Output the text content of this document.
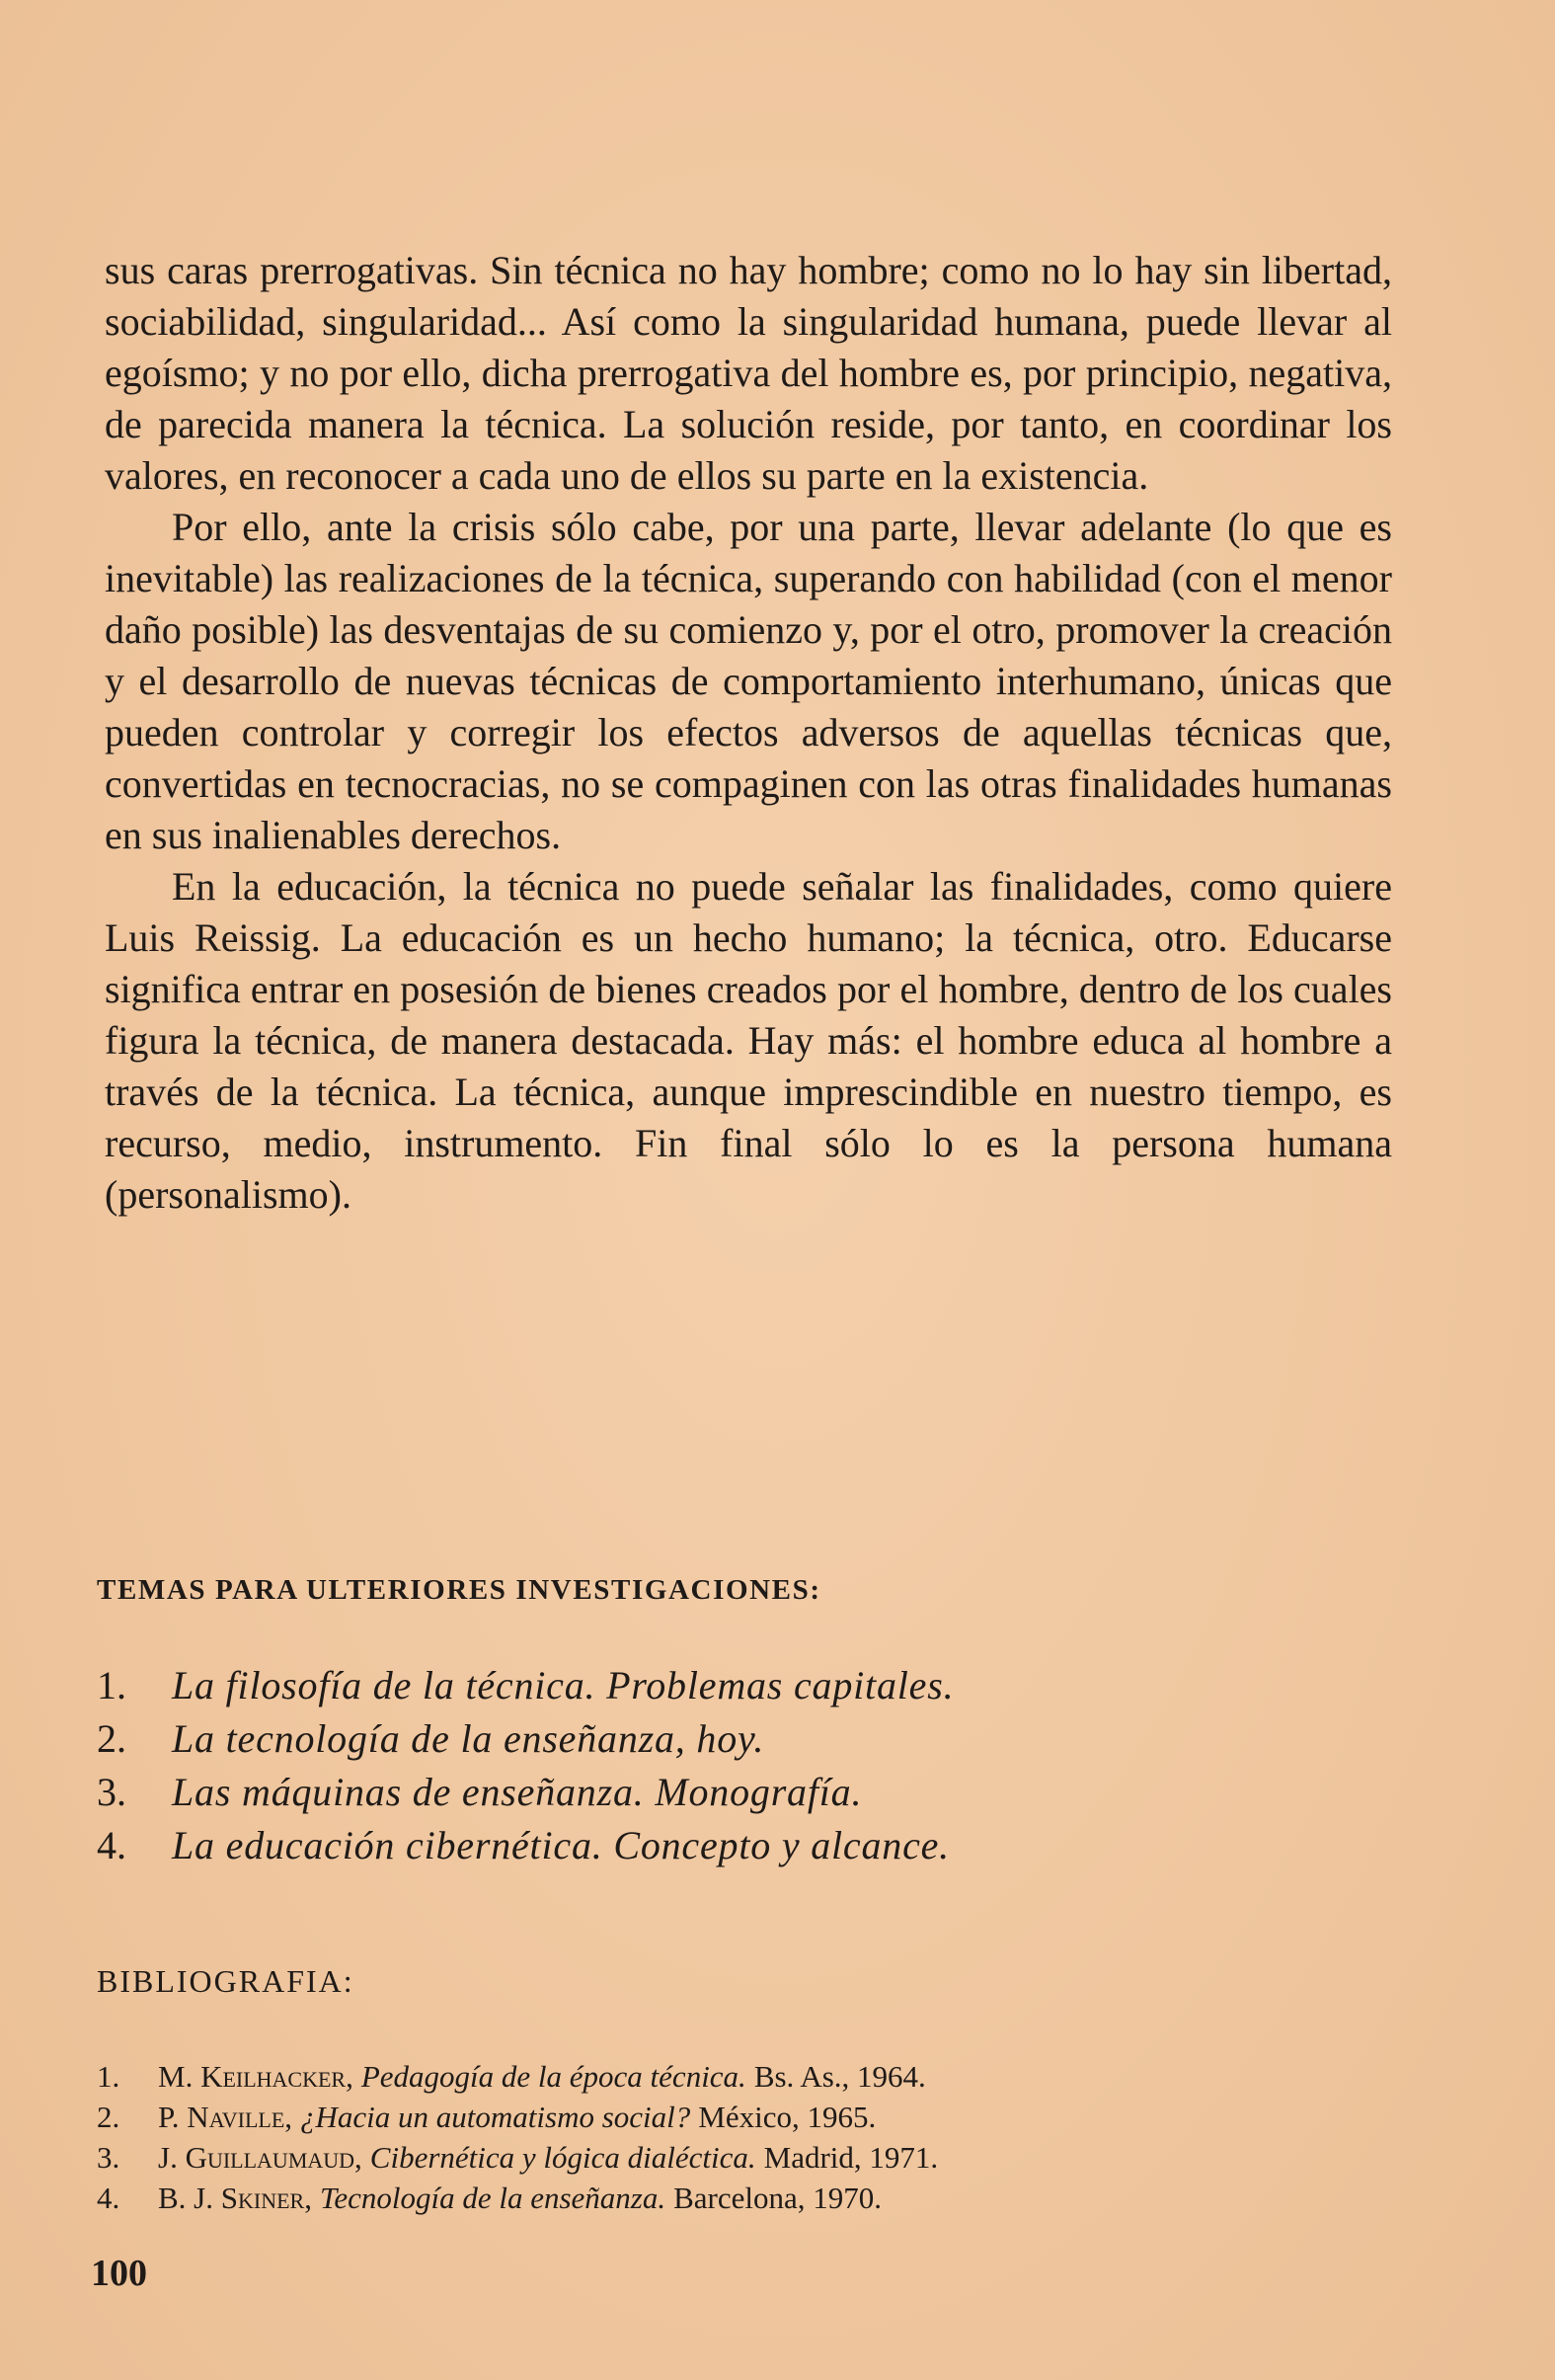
sus caras prerrogativas. Sin técnica no hay hombre; como no lo hay sin libertad, sociabilidad, singularidad... Así como la singularidad humana, puede llevar al egoísmo; y no por ello, dicha prerrogativa del hombre es, por principio, negativa, de parecida manera la técnica. La solución reside, por tanto, en coordinar los valores, en reconocer a cada uno de ellos su parte en la existencia.

Por ello, ante la crisis sólo cabe, por una parte, llevar adelante (lo que es inevitable) las realizaciones de la técnica, superando con habilidad (con el menor daño posible) las desventajas de su comienzo y, por el otro, promover la creación y el desarrollo de nuevas técnicas de comportamiento interhumano, únicas que pueden controlar y corregir los efectos adversos de aquellas técnicas que, convertidas en tecnocracias, no se compaginen con las otras finalidades humanas en sus inalienables derechos.

En la educación, la técnica no puede señalar las finalidades, como quiere Luis Reissig. La educación es un hecho humano; la técnica, otro. Educarse significa entrar en posesión de bienes creados por el hombre, dentro de los cuales figura la técnica, de manera destacada. Hay más: el hombre educa al hombre a través de la técnica. La técnica, aunque imprescindible en nuestro tiempo, es recurso, medio, instrumento. Fin final sólo lo es la persona humana (personalismo).

TEMAS PARA ULTERIORES INVESTIGACIONES:
1.	La filosofía de la técnica. Problemas capitales.
2.	La tecnología de la enseñanza, hoy.
3.	Las máquinas de enseñanza. Monografía.
4.	La educación cibernética. Concepto y alcance.
BIBLIOGRAFIA:
1.	M. Keilhacker, Pedagogía de la época técnica. Bs. As., 1964.
2.	P. Naville, ¿Hacia un automatismo social? México, 1965.
3.	J. Guillaumaud, Cibernética y lógica dialéctica. Madrid, 1971.
4.	B. J. Skiner, Tecnología de la enseñanza. Barcelona, 1970.
100
